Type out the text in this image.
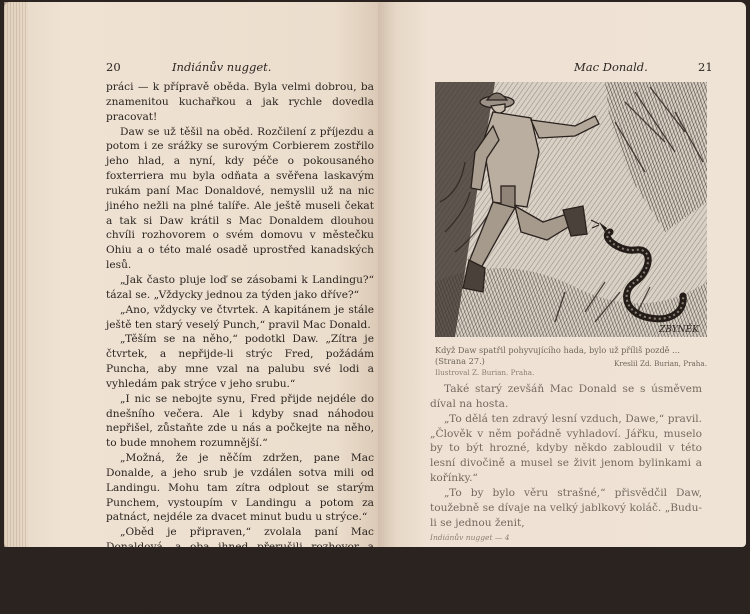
20	Indiánův nugget.

práci — k přípravě oběda. Byla velmi dobrou, ba znamenitou kuchařkou a jak rychle dovedla pracovat!

Daw se už těšil na oběd. Rozčilení z příjezdu a potom i ze srážky se surovým Corbierem zostřilo jeho hlad, a nyní, kdy péče o pokousaného foxterriera mu byla odňata a svěřena laskavým rukám paní Mac Donaldové, nemyslil už na nic jiného nežli na plné talíře. Ale ještě museli čekat a tak si Daw krátil s Mac Donaldem dlouhou chvíli rozhovorem o svém domovu v městečku Ohiu a o této malé osadě uprostřed kanadských lesů.

„Jak často pluje loď se zásobami k Landingu?“ tázal se. „Vždycky jednou za týden jako dříve?“

„Ano, vždycky ve čtvrtek. A kapitánem je stále ještě ten starý veselý Punch,“ pravil Mac Donald.

„Těším se na něho,“ podotkl Daw. „Zítra je čtvrtek, a nepřijde-li strýc Fred, požádám Puncha, aby mne vzal na palubu své lodi a vyhledám pak strýce v jeho srubu.“

„I nic se nebojte synu, Fred přijde nejdéle do dnešního večera. Ale i kdyby snad náhodou nepřišel, zůstaňte zde u nás a počkejte na něho, to bude mnohem rozumnější.“

„Možná, že je něčím zdržen, pane Mac Donalde, a jeho srub je vzdálen sotva mili od Landingu. Mohu tam zítra odplout se starým Punchem, vystoupím v Landingu a potom za patnáct, nejdéle za dvacet minut budu u strýce.“

„Oběd je připraven,“ zvolala paní Mac Donaldová, a oba ihned přerušili rozhovor a chutě usedli ke stolu. Dawova chuť k jídlu se ještě zvýšila, když viděl na stole mnoho dobrých věcí, a paní Mac Donaldová se s potěšením dívala, jak mu všechno chutná.

Mac Donald.	21
ZBYNĚK
Když Daw spatřil pohyvujícího hada, bylo už příliš pozdě ... (Strana 27.)
Ilustroval Z. Burian. Praha.
Kreslil Zd. Burian, Praha.

Také starý zevšáň Mac Donald se s úsměvem díval na hosta.

„To dělá ten zdravý lesní vzduch, Dawe,“ pravil. „Člověk v něm pořádně vyhladoví. Jářku, muselo by to být hrozné, kdyby někdo zabloudil v této lesní divočině a musel se živit jenom bylinkami a kořínky.“

„To by bylo věru strašné,“ přisvědčil Daw, toužebně se dívaje na velký jablkový koláč. „Budu-li se jednou ženit,

Indiánův nugget — 4
